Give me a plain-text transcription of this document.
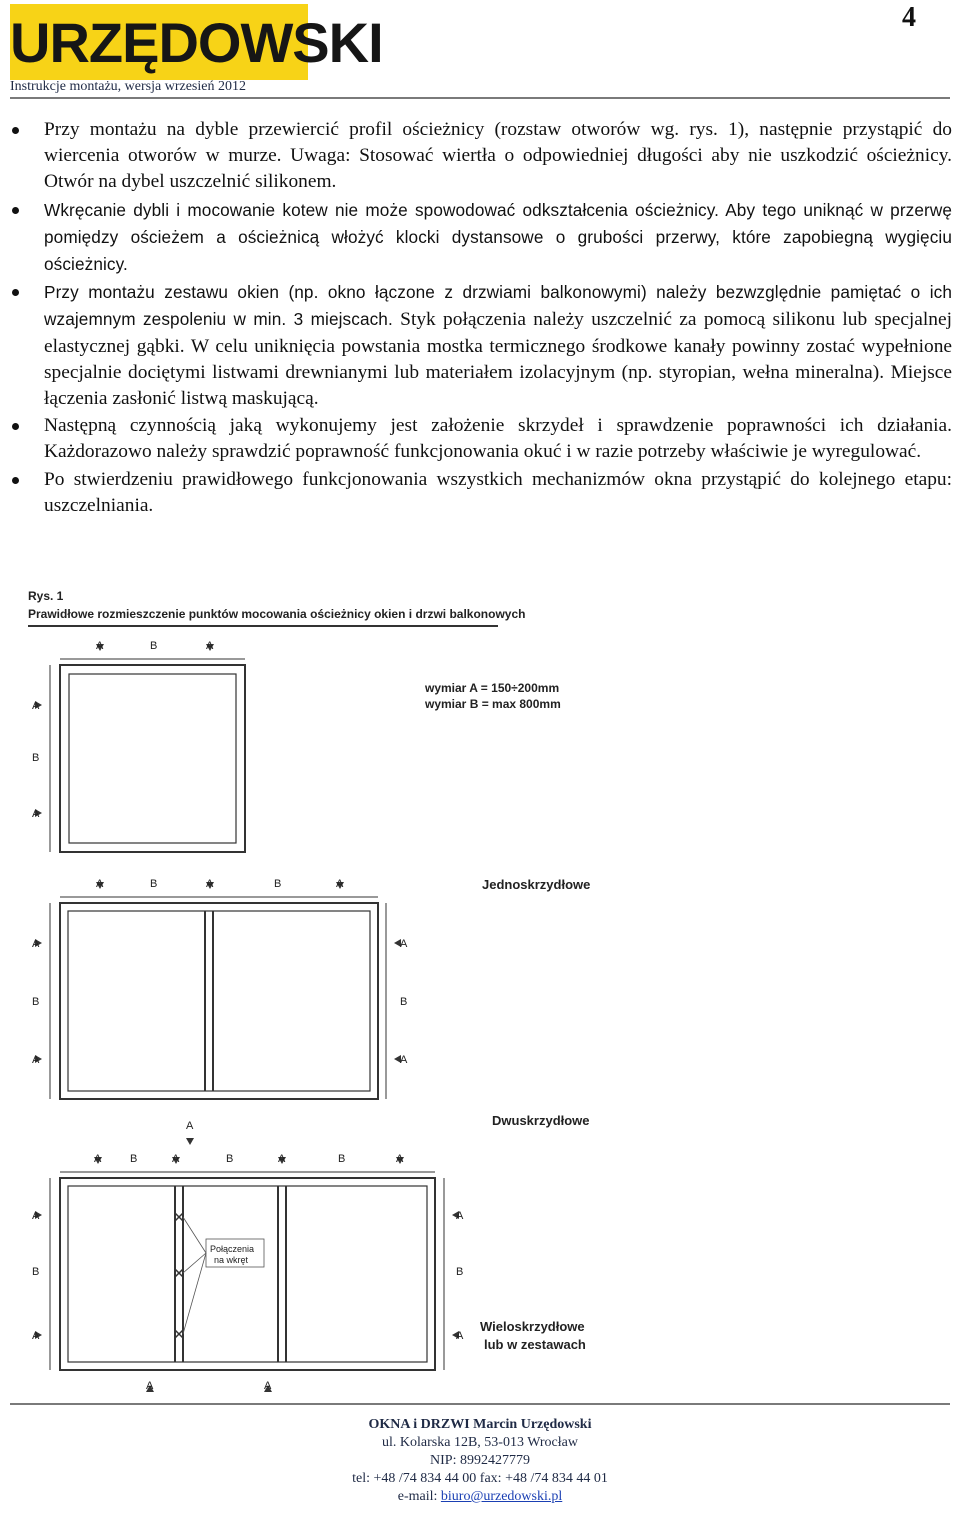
URZĘDOWSKI
Instrukcje montażu, wersja wrzesień 2012
4
Przy montażu na dyble przewiercić profil ościeżnicy (rozstaw otworów wg. rys. 1), następnie przystąpić do wiercenia otworów w murze. Uwaga: Stosować wiertła o odpowiedniej długości aby nie uszkodzić ościeżnicy. Otwór na dybel uszczelnić silikonem.
Wkręcanie dybli i mocowanie kotew nie może spowodować odkształcenia ościeżnicy. Aby tego uniknąć w przerwę pomiędzy ościeżem a ościeżnicą włożyć klocki dystansowe o grubości przerwy, które zapobiegną wygięciu ościeżnicy.
Przy montażu zestawu okien (np. okno łączone z drzwiami balkonowymi) należy bezwzględnie pamiętać o ich wzajemnym zespoleniu w min. 3 miejscach. Styk połączenia należy uszczelnić za pomocą silikonu lub specjalnej elastycznej gąbki. W celu uniknięcia powstania mostka termicznego środkowe kanały powinny zostać wypełnione specjalnie dociętymi listwami drewnianymi lub materiałem izolacyjnym (np. styropian, wełna mineralna). Miejsce łączenia zasłonić listwą maskującą.
Następną czynnością jaką wykonujemy jest założenie skrzydeł i sprawdzenie poprawności ich działania. Każdorazowo należy sprawdzić poprawność funkcjonowania okuć i w razie potrzeby właściwie je wyregulować.
Po stwierdzeniu prawidłowego funkcjonowania wszystkich mechanizmów okna przystąpić do kolejnego etapu: uszczelniania.
Rys. 1
Prawidłowe rozmieszczenie punktów mocowania ościeżnicy okien i drzwi balkonowych
wymiar A = 150÷200mm
wymiar B = max 800mm
Jednoskrzydłowe
Dwuskrzydłowe
Wieloskrzydłowe
lub w zestawach
Połączenia
na wkręt
A	B	A
A
B
A
A	B	A	B	A
A
B
A
A
B
A
A
A	B	A	B	A	B	A
A
B
A
A
B
A
A	A
OKNA i DRZWI Marcin Urzędowski
ul. Kolarska 12B, 53-013 Wrocław
NIP: 8992427779
tel: +48 /74 834 44 00 fax: +48 /74 834 44 01
e-mail: biuro@urzedowski.pl
